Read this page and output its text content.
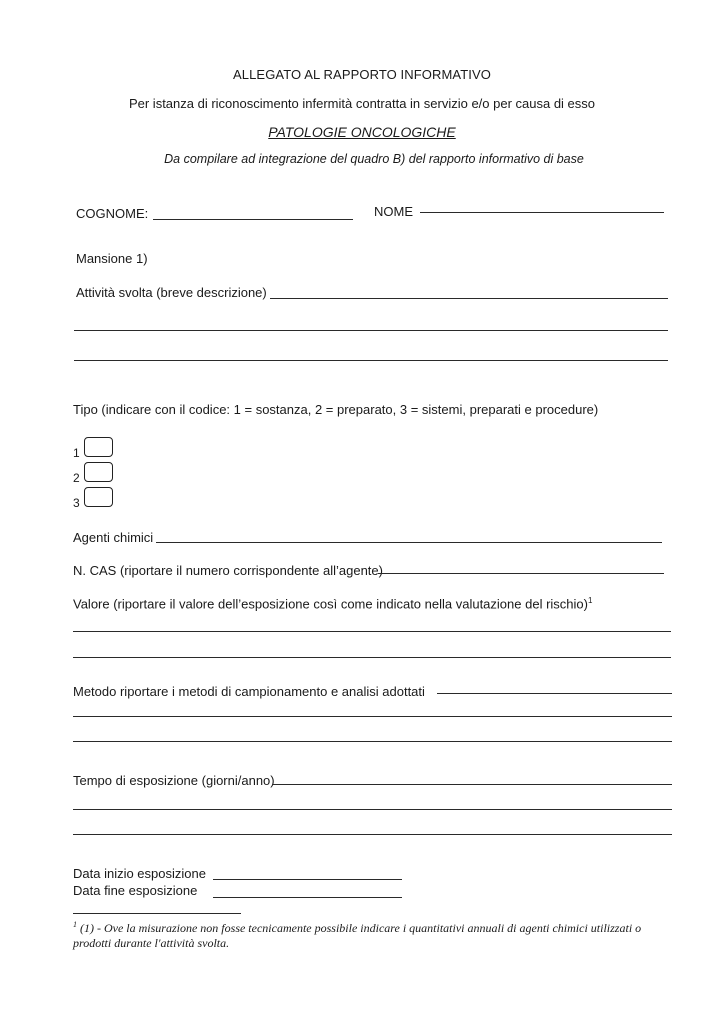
ALLEGATO AL RAPPORTO INFORMATIVO
Per istanza di riconoscimento infermità contratta in servizio e/o per causa di esso
PATOLOGIE ONCOLOGICHE
Da compilare ad integrazione del quadro B) del rapporto informativo di base
COGNOME:	NOME
Mansione 1)
Attività svolta (breve descrizione)
Tipo (indicare con il codice: 1 = sostanza, 2 = preparato, 3 = sistemi, preparati e procedure)
1
2
3
Agenti chimici
N. CAS (riportare il numero corrispondente all’agente)
Valore (riportare il valore dell’esposizione così come indicato nella valutazione del rischio)$^1$
Metodo riportare i metodi di campionamento e analisi adottati
Tempo di esposizione (giorni/anno)
Data inizio esposizione
Data fine esposizione
$^1$ (1) - Ove la misurazione non fosse tecnicamente possibile indicare i quantitativi annuali di agenti chimici utilizzati o
prodotti durante l'attività svolta.
